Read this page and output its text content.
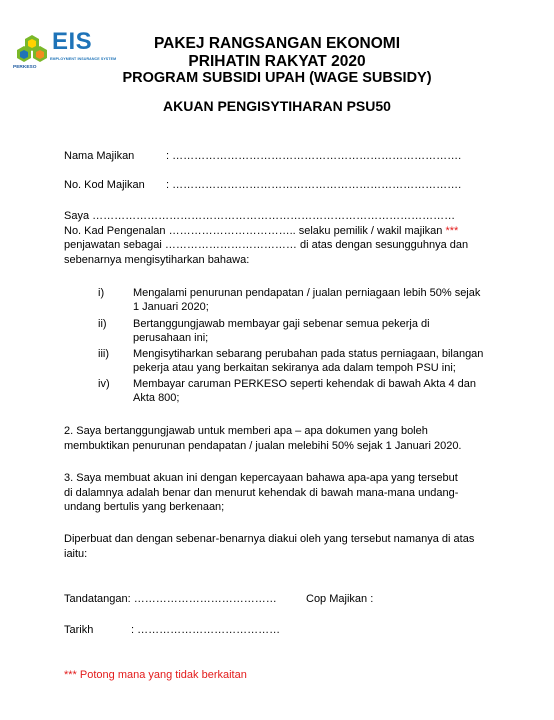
PERKESO
EIS
EMPLOYMENT INSURANCE SYSTEM
PAKEJ RANGSANGAN EKONOMI
PRIHATIN RAKYAT 2020
PROGRAM SUBSIDI UPAH (WAGE SUBSIDY)
AKUAN PENGISYTIHARAN PSU50
Nama Majikan	: …………………………………………………………………….
No. Kod Majikan : …………………………………………………………………….
Saya ………………………………………………………………………………………
No. Kad Pengenalan …………………………….. selaku pemilik / wakil majikan ***
penjawatan sebagai ……………………………… di atas dengan sesungguhnya dan
sebenarnya mengisytiharkan bahawa:
i)	Mengalami penurunan pendapatan / jualan perniagaan lebih 50% sejak
1 Januari 2020;
ii) Bertanggungjawab membayar gaji sebenar semua pekerja di
perusahaan ini;
iii) Mengisytiharkan sebarang perubahan pada status perniagaan, bilangan
pekerja atau yang berkaitan sekiranya ada dalam tempoh PSU ini;
iv) Membayar caruman PERKESO seperti kehendak di bawah Akta 4 dan
Akta 800;
2. Saya bertanggungjawab untuk memberi apa – apa dokumen yang boleh
membuktikan penurunan pendapatan / jualan melebihi 50% sejak 1 Januari 2020.
3. Saya membuat akuan ini dengan kepercayaan bahawa apa-apa yang tersebut
di dalamnya adalah benar dan menurut kehendak di bawah mana-mana undang-
undang bertulis yang berkenaan;
Diperbuat dan dengan sebenar-benarnya diakui oleh yang tersebut namanya di atas
iaitu:
Tandatangan: …………………………………	Cop Majikan :
Tarikh	: …………………………………
*** Potong mana yang tidak berkaitan
